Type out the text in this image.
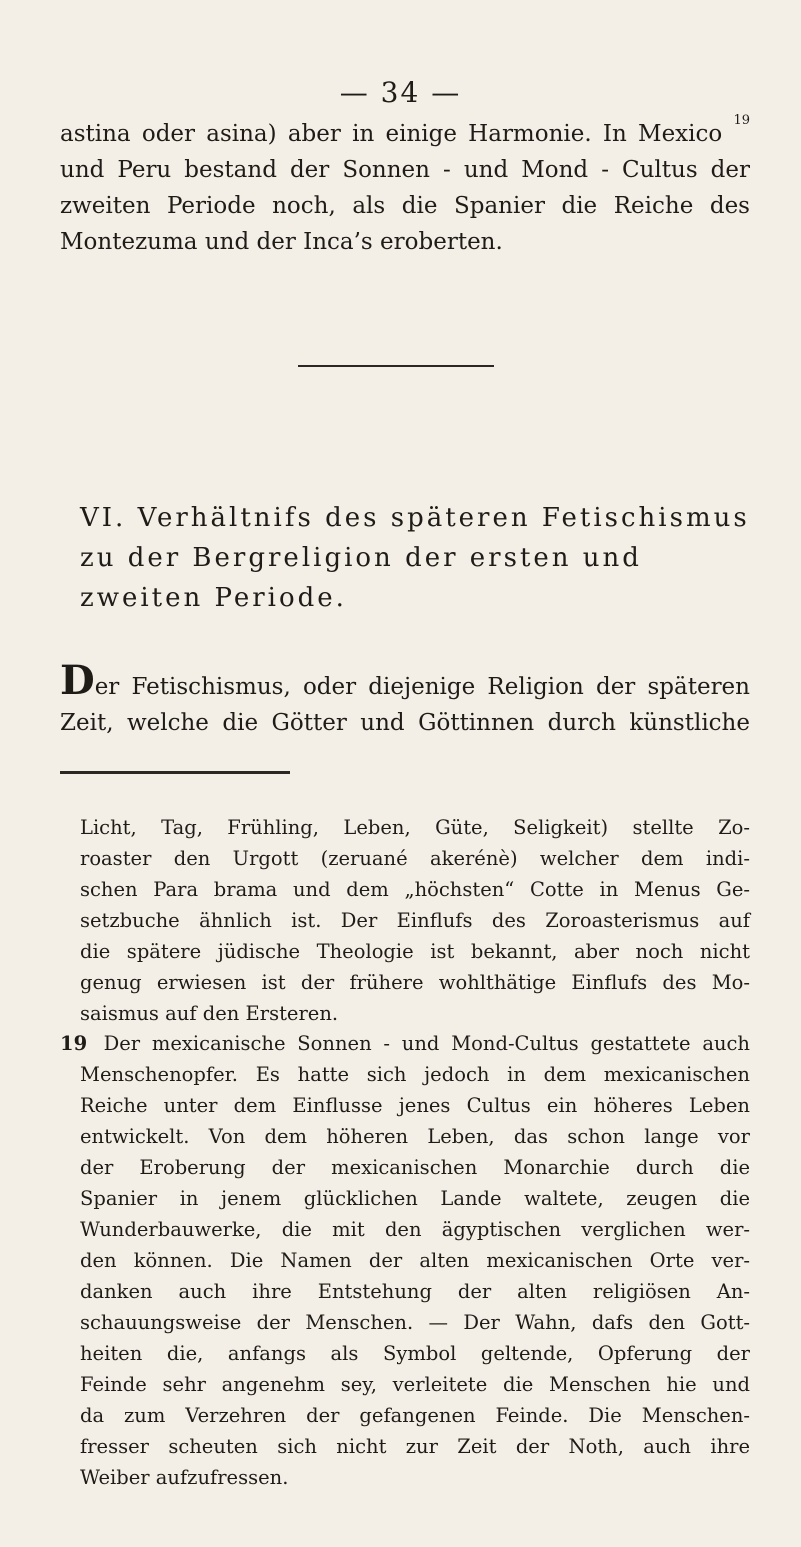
— 34 —
astina oder asina) aber in einige Harmonie. In Mexico $^{19}$
und Peru bestand der Sonnen - und Mond - Cultus der
zweiten Periode noch, als die Spanier die Reiche des
Montezuma und der Inca’s eroberten.
VI. Verhältnifs des späteren Fetischismus
zu der Bergreligion der ersten und
zweiten Periode.
Der Fetischismus, oder diejenige Religion der späteren
Zeit, welche die Götter und Göttinnen durch künstliche
Licht, Tag, Frühling, Leben, Güte, Seligkeit) stellte Zo-
roaster den Urgott (zeruané akerénè) welcher dem indi-
schen Para brama und dem „höchsten“ Cotte in Menus Ge-
setzbuche ähnlich ist. Der Einflufs des Zoroasterismus auf
die spätere jüdische Theologie ist bekannt, aber noch nicht
genug erwiesen ist der frühere wohlthätige Einflufs des Mo-
saismus auf den Ersteren.
19 Der mexicanische Sonnen - und Mond-Cultus gestattete auch
Menschenopfer. Es hatte sich jedoch in dem mexicanischen
Reiche unter dem Einflusse jenes Cultus ein höheres Leben
entwickelt. Von dem höheren Leben, das schon lange vor
der Eroberung der mexicanischen Monarchie durch die
Spanier in jenem glücklichen Lande waltete, zeugen die
Wunderbauwerke, die mit den ägyptischen verglichen wer-
den können. Die Namen der alten mexicanischen Orte ver-
danken auch ihre Entstehung der alten religiösen An-
schauungsweise der Menschen. — Der Wahn, dafs den Gott-
heiten die, anfangs als Symbol geltende, Opferung der
Feinde sehr angenehm sey, verleitete die Menschen hie und
da zum Verzehren der gefangenen Feinde. Die Menschen-
fresser scheuten sich nicht zur Zeit der Noth, auch ihre
Weiber aufzufressen.
